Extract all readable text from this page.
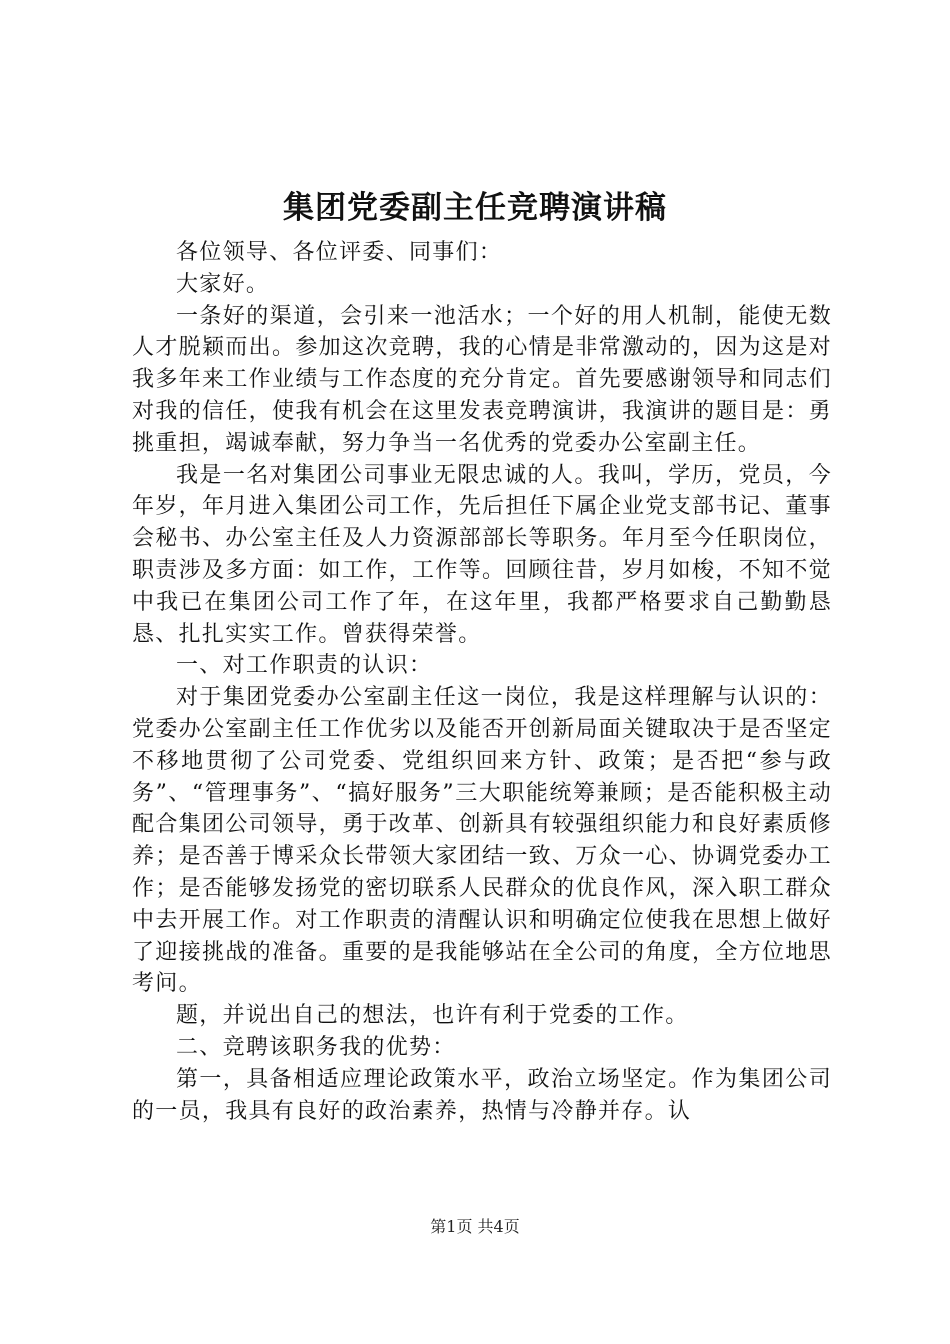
集团党委副主任竞聘演讲稿

各位领导、各位评委、同事们：

大家好。

一条好的渠道，会引来一池活水；一个好的用人机制，能使无数人才脱颖而出。参加这次竞聘，我的心情是非常激动的，因为这是对我多年来工作业绩与工作态度的充分肯定。首先要感谢领导和同志们对我的信任，使我有机会在这里发表竞聘演讲，我演讲的题目是：勇挑重担，竭诚奉献，努力争当一名优秀的党委办公室副主任。

我是一名对集团公司事业无限忠诚的人。我叫，学历，党员，今年岁，年月进入集团公司工作，先后担任下属企业党支部书记、董事会秘书、办公室主任及人力资源部部长等职务。年月至今任职岗位，职责涉及多方面：如工作，工作等。回顾往昔，岁月如梭，不知不觉中我已在集团公司工作了年，在这年里，我都严格要求自己勤勤恳恳、扎扎实实工作。曾获得荣誉。

一、对工作职责的认识：

对于集团党委办公室副主任这一岗位，我是这样理解与认识的：党委办公室副主任工作优劣以及能否开创新局面关键取决于是否坚定不移地贯彻了公司党委、党组织回来方针、政策；是否把“参与政务”、“管理事务”、“搞好服务”三大职能统筹兼顾；是否能积极主动配合集团公司领导，勇于改革、创新具有较强组织能力和良好素质修养；是否善于博采众长带领大家团结一致、万众一心、协调党委办工作；是否能够发扬党的密切联系人民群众的优良作风，深入职工群众中去开展工作。对工作职责的清醒认识和明确定位使我在思想上做好了迎接挑战的准备。重要的是我能够站在全公司的角度，全方位地思考问。

题，并说出自己的想法，也许有利于党委的工作。

二、竞聘该职务我的优势：

第一，具备相适应理论政策水平，政治立场坚定。作为集团公司的一员，我具有良好的政治素养，热情与冷静并存。认

第1页 共4页
